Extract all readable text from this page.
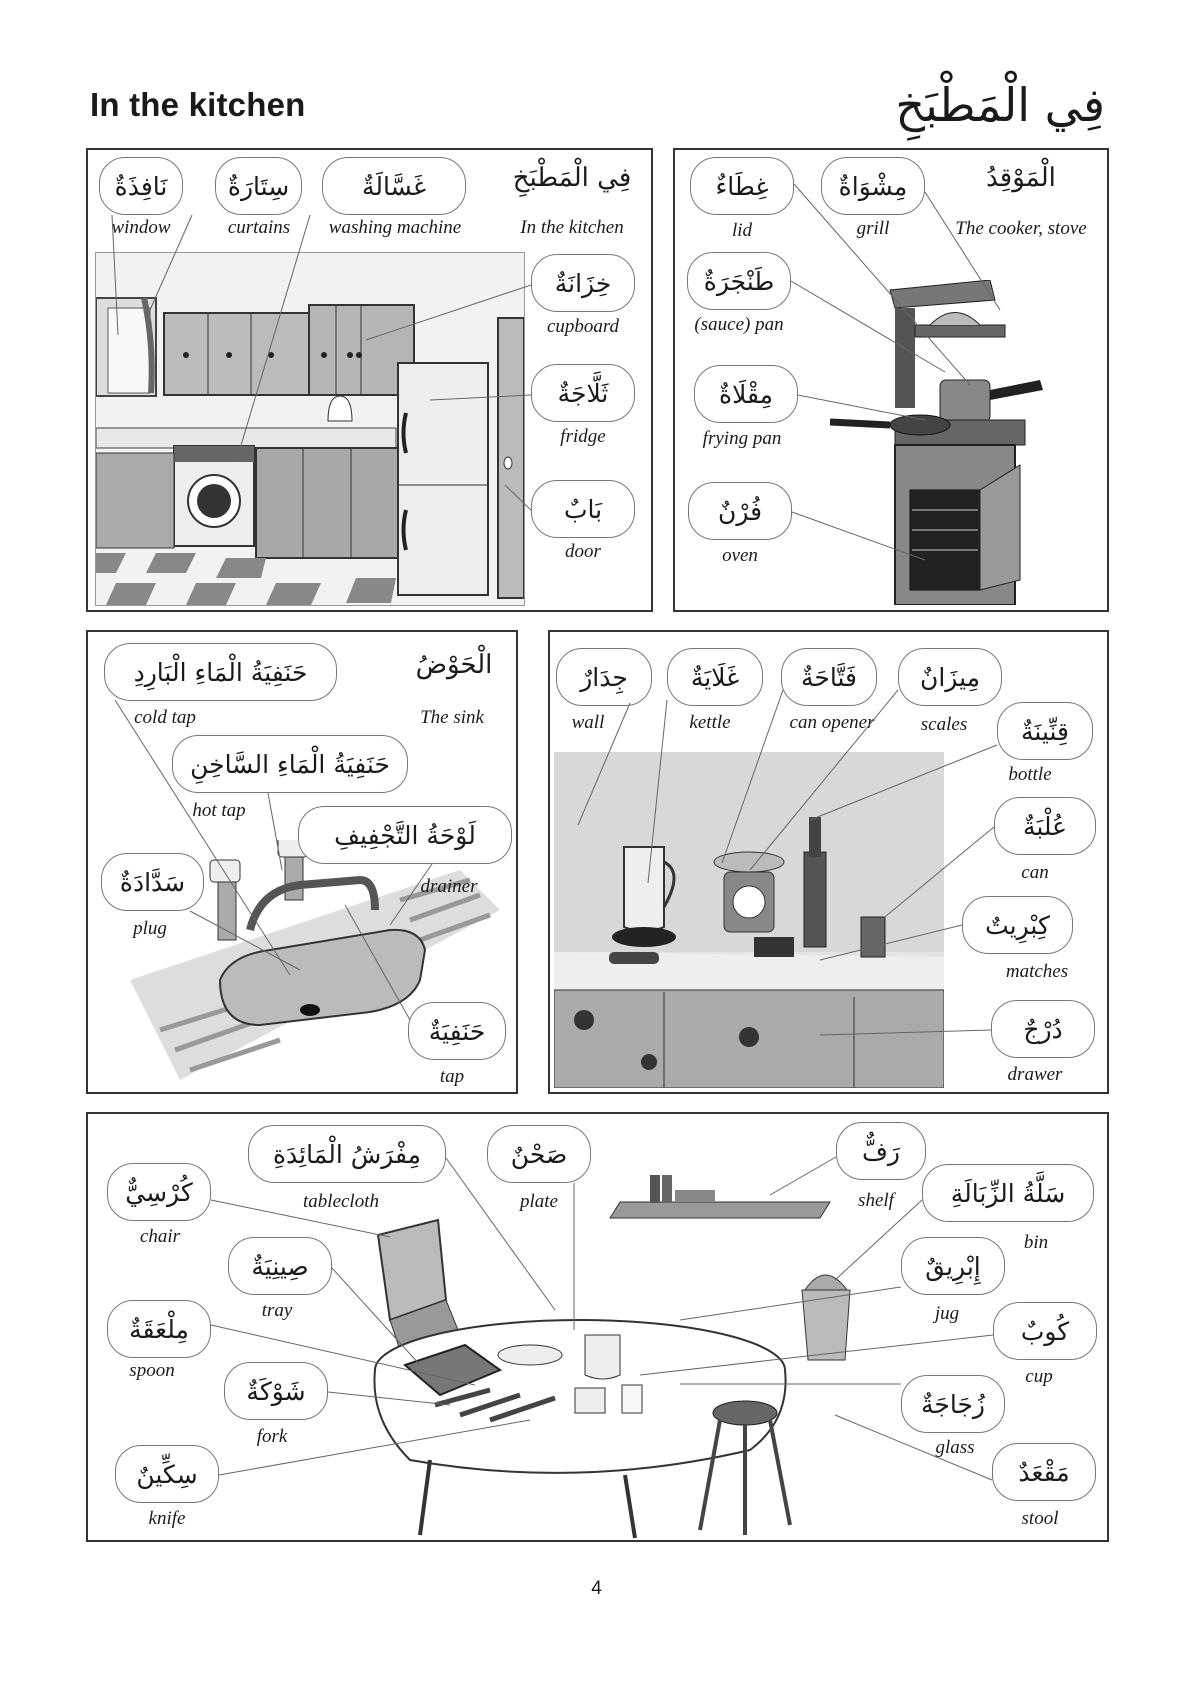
In the kitchen	فِي الْمَطْبَخِ
نَافِذَةٌ
window
سِتَارَةٌ
curtains
غَسَّالَةٌ
washing machine
فِي الْمَطْبَخِ
In the kitchen
خِزَانَةٌ
cupboard
ثَلَّاجَةٌ
fridge
بَابٌ
door
غِطَاءٌ
lid
مِشْوَاةٌ
grill
الْمَوْقِدُ
The cooker, stove
طَنْجَرَةٌ
(sauce) pan
مِقْلَاةٌ
frying pan
فُرْنٌ
oven
حَنَفِيَةُ الْمَاءِ الْبَارِدِ
cold tap
الْحَوْضُ
The sink
حَنَفِيَةُ الْمَاءِ السَّاخِنِ
hot tap
لَوْحَةُ التَّجْفِيفِ
drainer
سَدَّادَةٌ
plug
حَنَفِيَةٌ
tap
جِدَارٌ
wall
غَلَايَةٌ
kettle
فَتَّاحَةٌ
can opener
مِيزَانٌ
scales	قِنِّينَةٌ
bottle
عُلْبَةٌ
can
كِبْرِيتٌ
matches
دُرْجٌ
drawer
كُرْسِيٌّ
chair
مِفْرَشُ الْمَائِدَةِ
tablecloth
صَحْنٌ
plate
رَفٌّ
shelf	سَلَّةُ الزِّبَالَةِ
bin
صِينِيَةٌ
tray
إِبْرِيقٌ
jug
مِلْعَقَةٌ
spoon
كُوبٌ
cup
شَوْكَةٌ
fork
زُجَاجَةٌ
glass
سِكِّينٌ
knife
مَقْعَدٌ
stool
4
